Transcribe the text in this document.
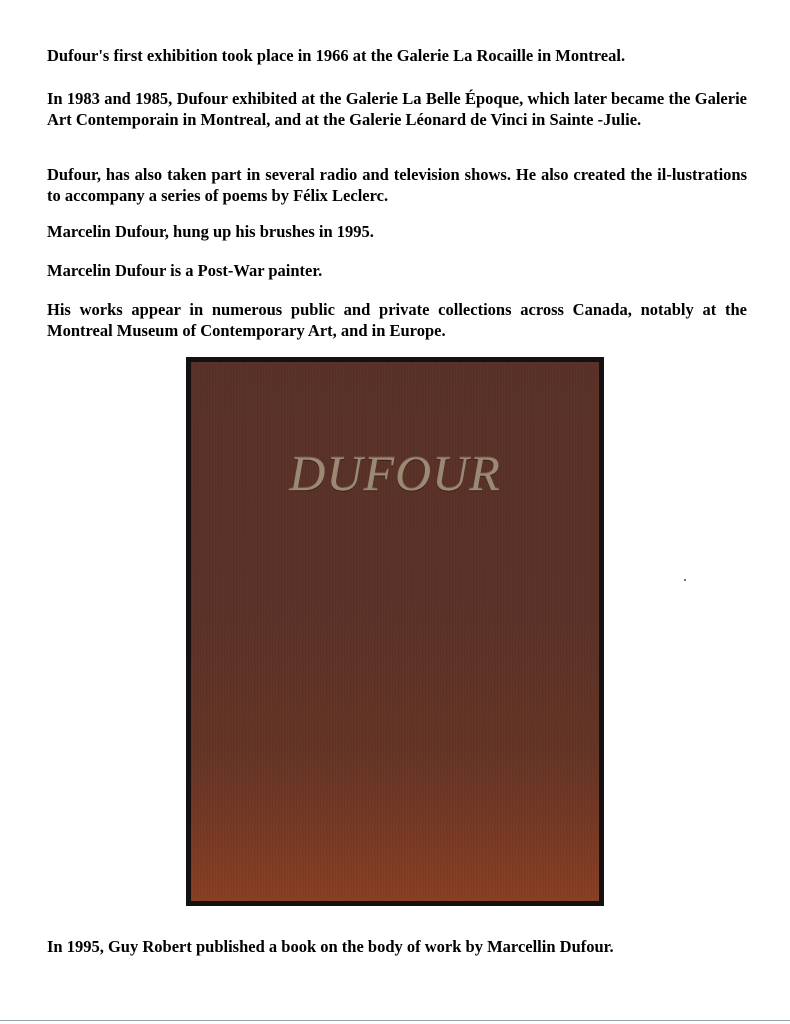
Dufour's first exhibition took place in 1966 at the Galerie La Rocaille in Montreal.

In 1983 and 1985, Dufour exhibited at the Galerie La Belle Époque, which later became the Galerie Art Contemporain in Montreal, and at the Galerie Léonard de Vinci in Sainte -Julie.

Dufour, has also taken part in several radio and television shows. He also created the il-lustrations to accompany a series of poems by Félix Leclerc.

Marcelin Dufour, hung up his brushes in 1995.

Marcelin Dufour is a Post-War painter.

His works appear in numerous public and private collections across Canada, notably at the Montreal Museum of Contemporary Art, and in Europe.

DUFOUR

In 1995, Guy Robert published a book on the body of work by Marcellin Dufour.
